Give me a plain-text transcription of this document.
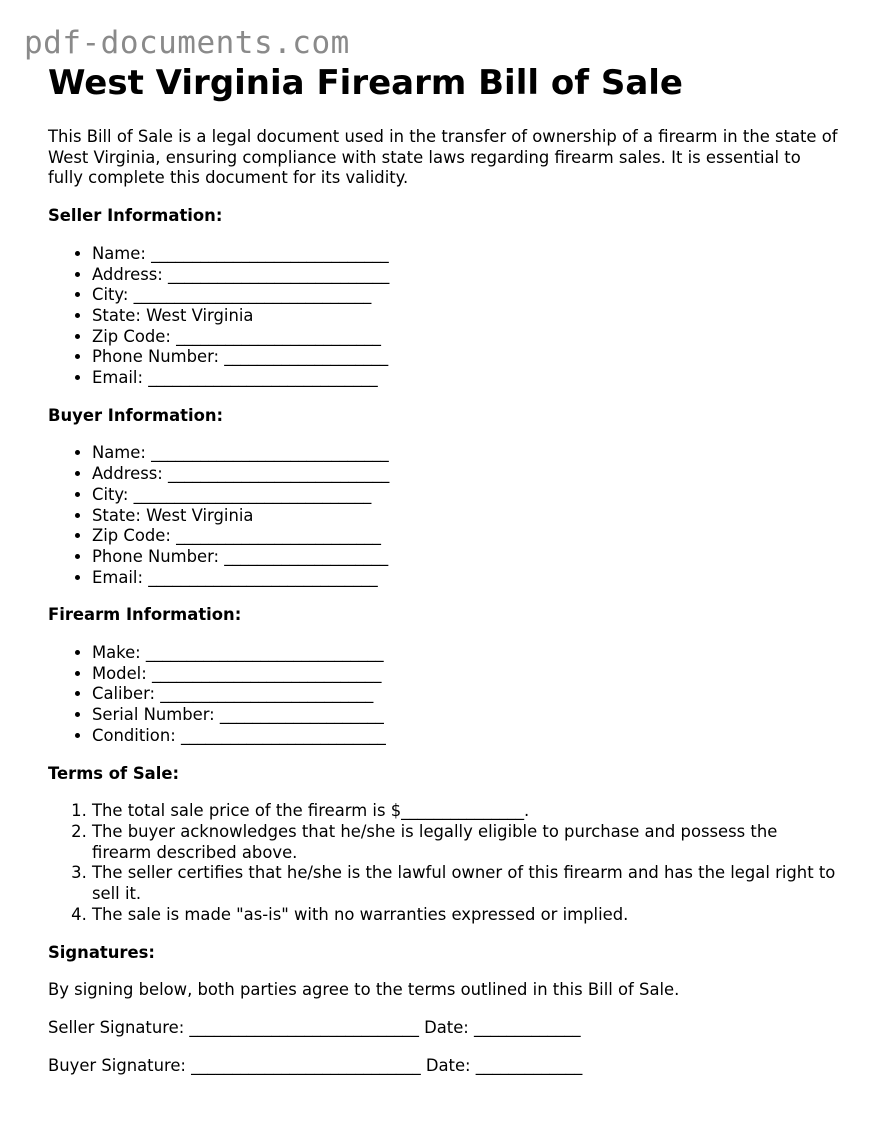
pdf-documents.com
West Virginia Firearm Bill of Sale

This Bill of Sale is a legal document used in the transfer of ownership of a firearm in the state of West Virginia, ensuring compliance with state laws regarding firearm sales. It is essential to fully complete this document for its validity.

Seller Information:
• Name: _____________________________
• Address: ___________________________
• City: _____________________________
• State: West Virginia
• Zip Code: _________________________
• Phone Number: ____________________
• Email: ____________________________
Buyer Information:
• Name: _____________________________
• Address: ___________________________
• City: _____________________________
• State: West Virginia
• Zip Code: _________________________
• Phone Number: ____________________
• Email: ____________________________
Firearm Information:
• Make: _____________________________
• Model: ____________________________
• Caliber: __________________________
• Serial Number: ____________________
• Condition: _________________________
Terms of Sale:
1. The total sale price of the firearm is $_______________.
2. The buyer acknowledges that he/she is legally eligible to purchase and possess the firearm described above.
3. The seller certifies that he/she is the lawful owner of this firearm and has the legal right to sell it.
4. The sale is made "as-is" with no warranties expressed or implied.
Signatures:

By signing below, both parties agree to the terms outlined in this Bill of Sale.

Seller Signature: ____________________________ Date: _____________

Buyer Signature: ____________________________ Date: _____________
